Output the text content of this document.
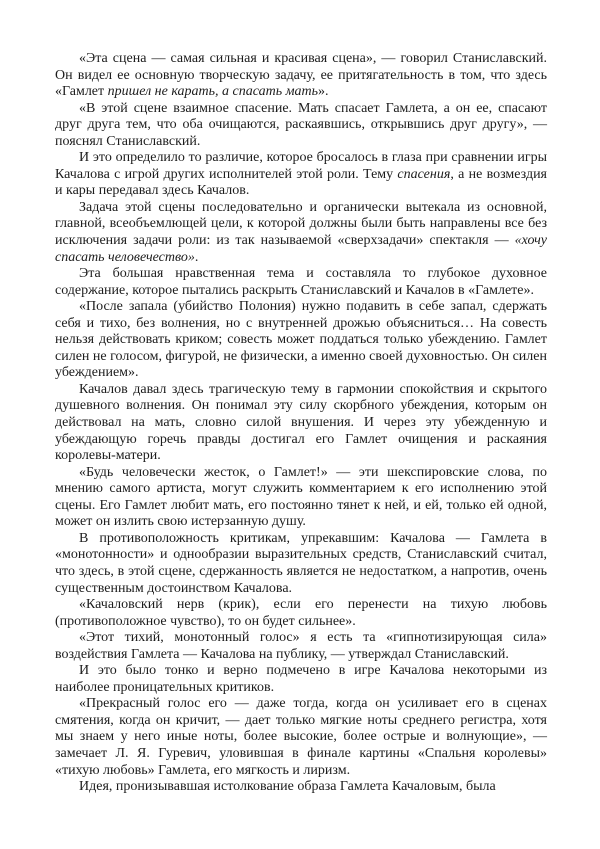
«Эта сцена — самая сильная и красивая сцена», — говорил Станиславский. Он видел ее основную творческую задачу, ее притягательность в том, что здесь «Гамлет пришел не карать, а спасать мать».

«В этой сцене взаимное спасение. Мать спасает Гамлета, а он ее, спасают друг друга тем, что оба очищаются, раскаявшись, открывшись друг другу», — пояснял Станиславский.

И это определило то различие, которое бросалось в глаза при сравнении игры Качалова с игрой других исполнителей этой роли. Тему спасения, а не возмездия и кары передавал здесь Качалов.

Задача этой сцены последовательно и органически вытекала из основной, главной, всеобъемлющей цели, к которой должны были быть направлены все без исключения задачи роли: из так называемой «сверхзадачи» спектакля — «хочу спасать человечество».

Эта большая нравственная тема и составляла то глубокое духовное содержание, которое пытались раскрыть Станиславский и Качалов в «Гамлете».

«После запала (убийство Полония) нужно подавить в себе запал, сдержать себя и тихо, без волнения, но с внутренней дрожью объясниться… На совесть нельзя действовать криком; совесть может поддаться только убеждению. Гамлет силен не голосом, фигурой, не физически, а именно своей духовностью. Он силен убеждением».

Качалов давал здесь трагическую тему в гармонии спокойствия и скрытого душевного волнения. Он понимал эту силу скорбного убеждения, которым он действовал на мать, словно силой внушения. И через эту убежденную и убеждающую горечь правды достигал его Гамлет очищения и раскаяния королевы-матери.

«Будь человечески жесток, о Гамлет!» — эти шекспировские слова, по мнению самого артиста, могут служить комментарием к его исполнению этой сцены. Его Гамлет любит мать, его постоянно тянет к ней, и ей, только ей одной, может он излить свою истерзанную душу.

В противоположность критикам, упрекавшим: Качалова — Гамлета в «монотонности» и однообразии выразительных средств, Станиславский считал, что здесь, в этой сцене, сдержанность является не недостатком, а напротив, очень существенным достоинством Качалова.

«Качаловский нерв (крик), если его перенести на тихую любовь (противоположное чувство), то он будет сильнее».

«Этот тихий, монотонный голос» я есть та «гипнотизирующая сила» воздействия Гамлета — Качалова на публику, — утверждал Станиславский.

И это было тонко и верно подмечено в игре Качалова некоторыми из наиболее проницательных критиков.

«Прекрасный голос его — даже тогда, когда он усиливает его в сценах смятения, когда он кричит, — дает только мягкие ноты среднего регистра, хотя мы знаем у него иные ноты, более высокие, более острые и волнующие», — замечает Л. Я. Гуревич, уловившая в финале картины «Спальня королевы» «тихую любовь» Гамлета, его мягкость и лиризм.

Идея, пронизывавшая истолкование образа Гамлета Качаловым, была
